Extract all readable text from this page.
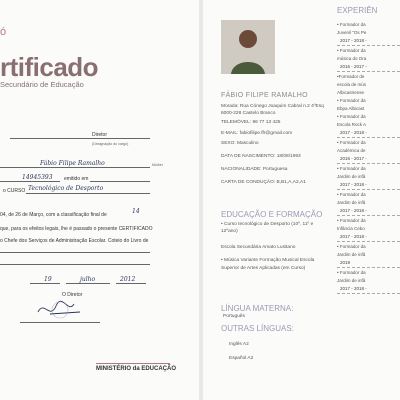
ó
rtificado
Secundário de Educação
Diretor
(Designação do cargo)
Fábio Filipe Ramalho	Mulher
14945393 emitido em
o CURSO Tecnológico de Desporto
04, de 26 de Março, com a classificação final de	14
que, para os efeitos legais, lhe é passado o presente CERTIFICADO
o Chefe dos Serviços de Administração Escolar. Coteio do Livro de
19	julho	2012
O Diretor
MINISTÉRIO da EDUCAÇÃO
FÁBIO FILIPE RAMALHO
Morada: Rua Cónego Joaquim Cabral n.2 4ºEsq
6000-228 Castelo Branco
TELEMÓVEL: 96 77 13 425
E-MAIL: fabiofilipe.ffr@gmail.com
SEXO: Masculino
DATA DE NASCIMENTO: 18/08/1993
NACIONALIDADE: Portuguesa
CARTA DE CONDUÇÃO: B,B1,A,A2,A1
EDUCAÇÃO E FORMAÇÃO
• Curso tecnológico de Desporto (10º, 11º e
12ºano)
Escola Secundária Amato Lusitano
• Música Variante Formação Musical Escola
Superior de Artes Aplicadas (em Curso)
LÍNGUA MATERNA:
Português
OUTRAS LÍNGUAS:
Inglês A2
Español A2
EXPERIÊN
• Formador da
Juvenil "Os Pe
2017 - 2018 -
• Formador da
música do Ora
2016 - 2017 -
•Formador de
escola de mús
Albicastrense
• Formador da
Ebpa Albicast
• Formador da
Escola Rock A
2017 - 2018 -
• Formador da
Académica de
2016 - 2017 -
• Formador da
Jardim de infâ
2017 - 2018 -
• Formador da
Jardim de infâ
2017 - 2018 -
• Formador da
Infância Cebo
2017 - 2018 -
• Formador da
Jardim de infâ
2019
• Formador da
Jardim de infâ
2017 - 2018 -
